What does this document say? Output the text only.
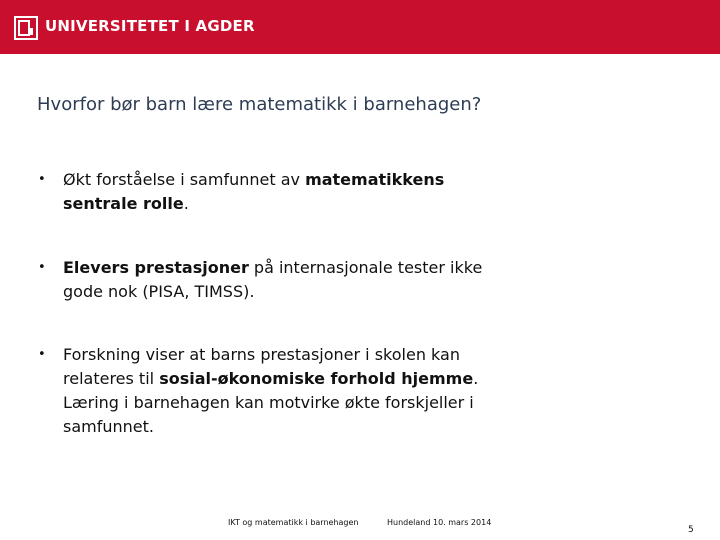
UNIVERSITETET I AGDER
Hvorfor bør barn lære matematikk i barnehagen?
• Økt forståelse i samfunnet av matematikkens sentrale rolle.
• Elevers prestasjoner på internasjonale tester ikke gode nok (PISA, TIMSS).
• Forskning viser at barns prestasjoner i skolen kan relateres til sosial-økonomiske forhold hjemme. Læring i barnehagen kan motvirke økte forskjeller i samfunnet.
IKT og matematikk i barnehagen	Hundeland 10. mars 2014
5
